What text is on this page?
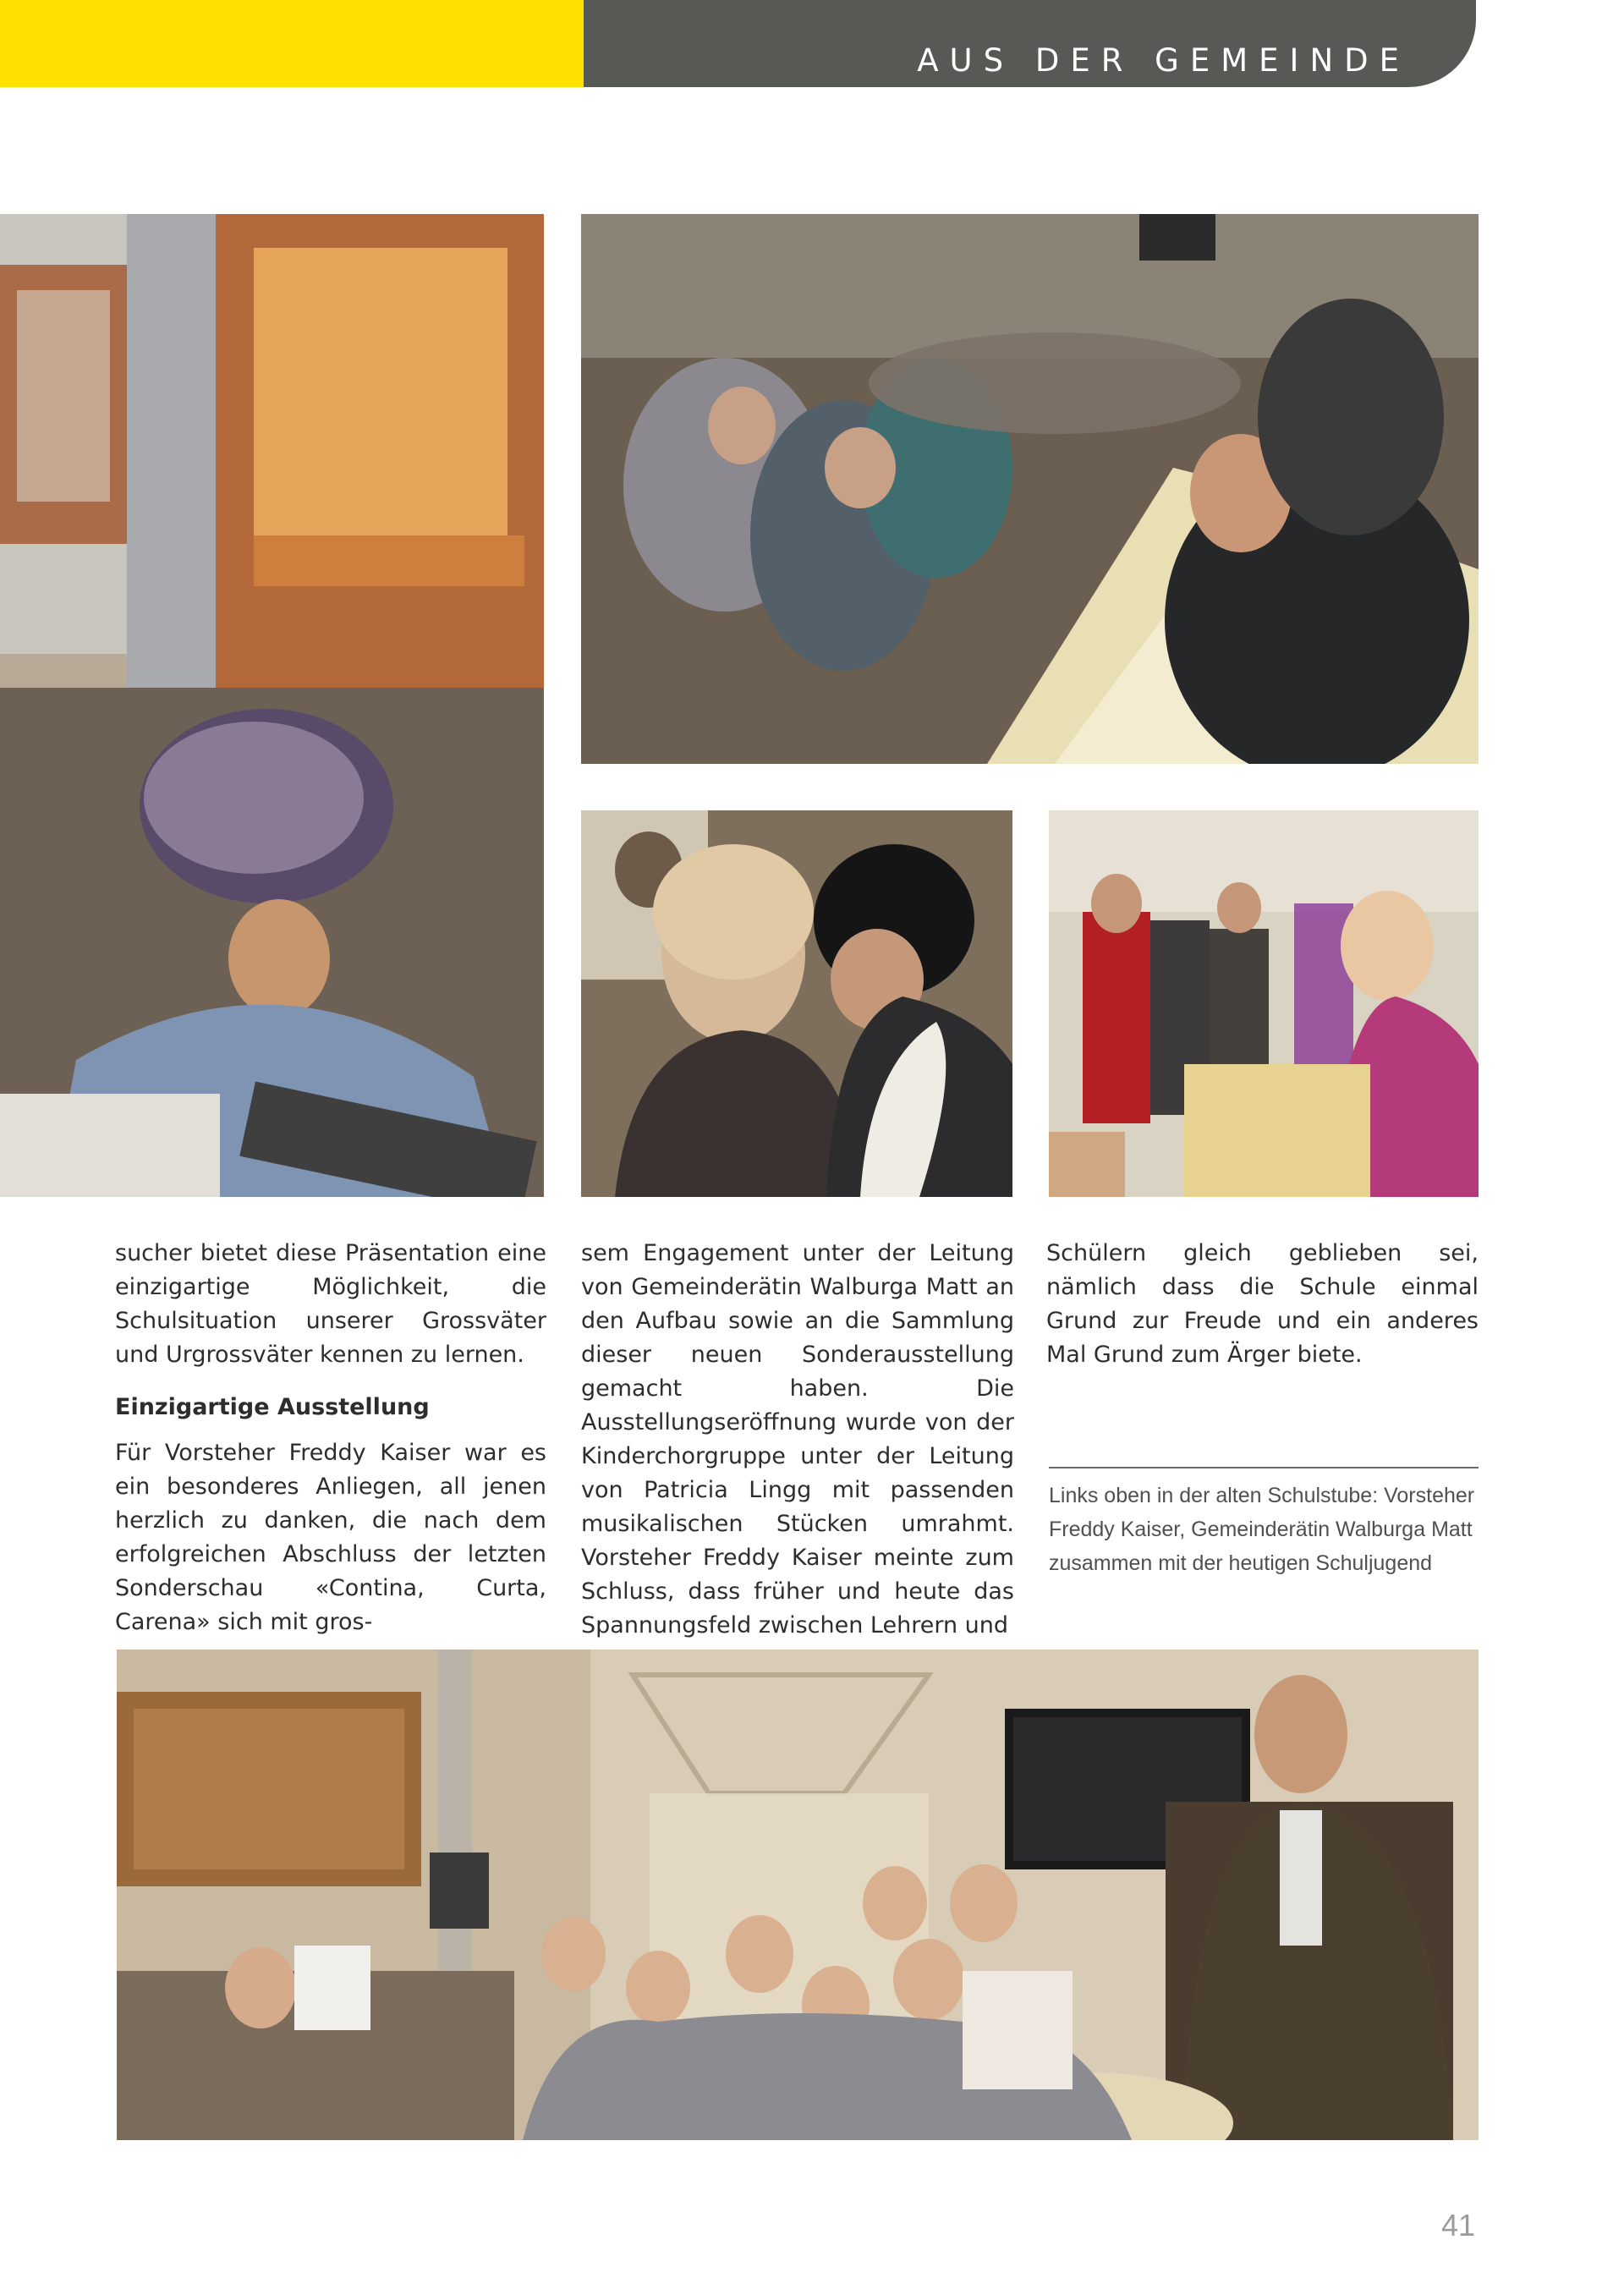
AUS DER GEMEINDE

sucher bietet diese Präsentation eine einzigartige Möglichkeit, die Schulsituation unserer Grossväter und Urgrossväter kennen zu lernen.

Einzigartige Ausstellung

Für Vorsteher Freddy Kaiser war es ein besonderes Anliegen, all jenen herzlich zu danken, die nach dem erfolgreichen Abschluss der letzten Sonderschau «Contina, Curta, Carena» sich mit gros-

sem Engagement unter der Leitung von Gemeinderätin Walburga Matt an den Aufbau sowie an die Sammlung dieser neuen Sonderausstellung gemacht haben. Die Ausstellungseröffnung wurde von der Kinderchorgruppe unter der Leitung von Patricia Lingg mit passenden musikalischen Stücken umrahmt. Vorsteher Freddy Kaiser meinte zum Schluss, dass früher und heute das Spannungsfeld zwischen Lehrern und

Schülern gleich geblieben sei, nämlich dass die Schule einmal Grund zur Freude und ein anderes Mal Grund zum Ärger biete.

Links oben in der alten Schulstube: Vorsteher Freddy Kaiser, Gemeinderätin Walburga Matt zusammen mit der heutigen Schuljugend
41
